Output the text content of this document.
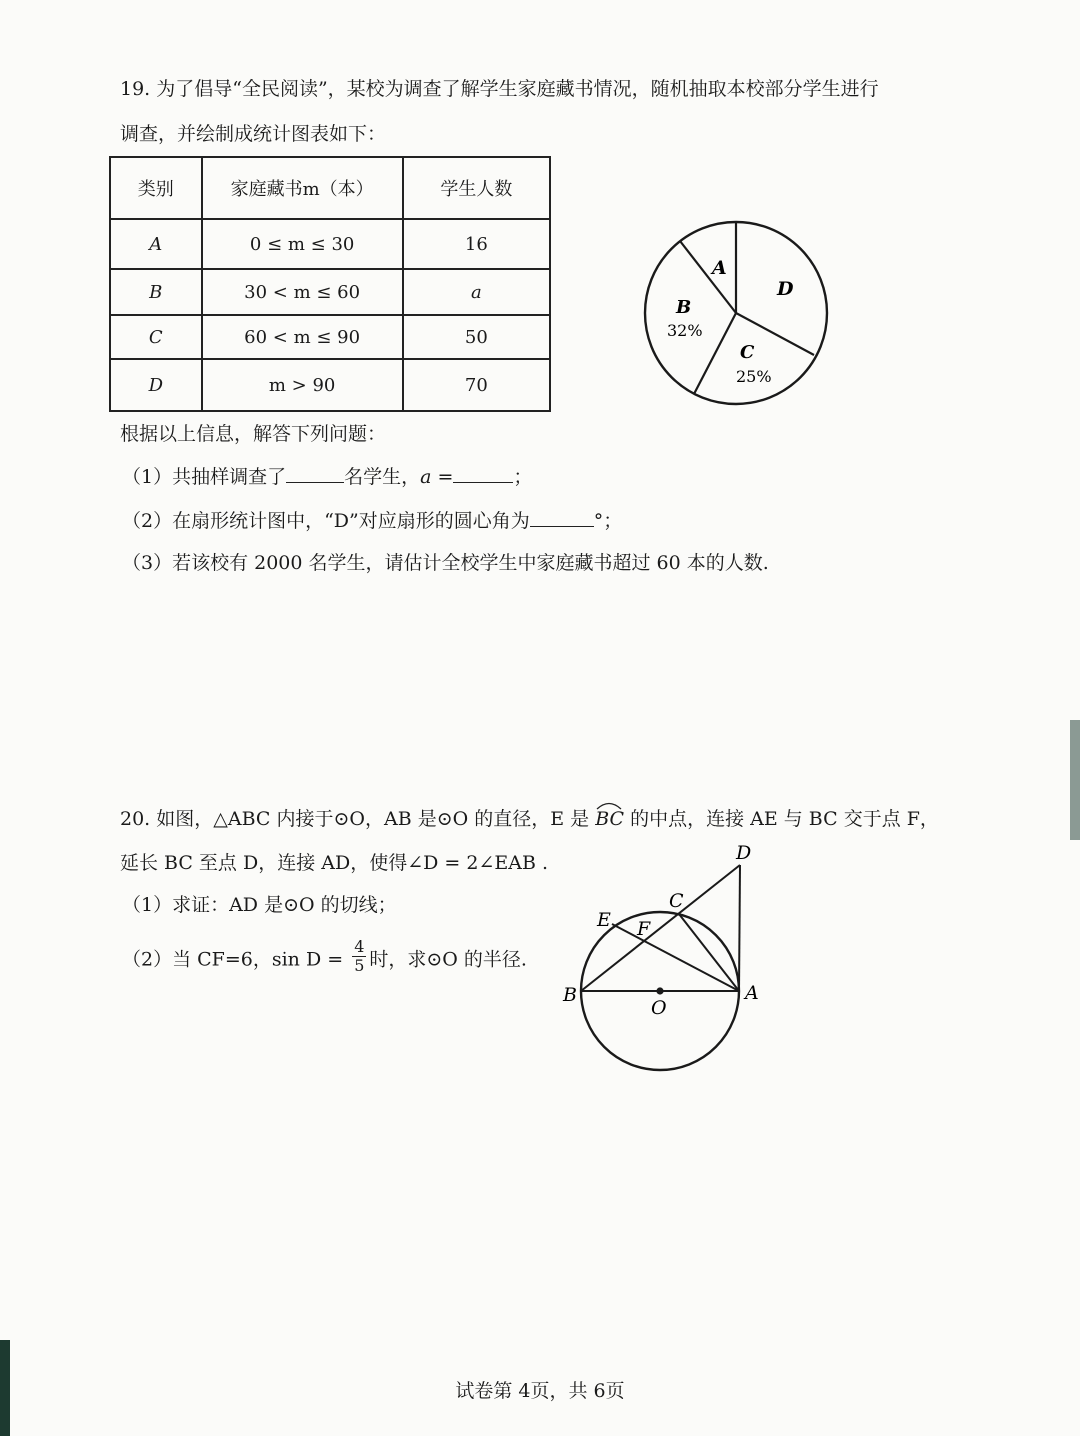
19. 为了倡导“全民阅读”，某校为调查了解学生家庭藏书情况，随机抽取本校部分学生进行
调查，并绘制成统计图表如下：
类别	家庭藏书m（本）	学生人数
A	0 ≤ m ≤ 30	16
B	30 < m ≤ 60	a
C	60 < m ≤ 90	50
D	m > 90	70
A
D
B
32%
C
25%
根据以上信息，解答下列问题：
（1）共抽样调查了	名学生，a =	；
（2）在扇形统计图中，“D”对应扇形的圆心角为	°；
（3）若该校有 2000 名学生，请估计全校学生中家庭藏书超过 60 本的人数.
20. 如图，△ABC 内接于⊙O，AB 是⊙O 的直径，E 是
BC 的中点，连接 AE 与 BC 交于点 F，
延长 BC 至点 D，连接 AD，使得∠D = 2∠EAB .
（1）求证：AD 是⊙O 的切线；
（2）当 CF=6，$\sin D = \frac{4}{5}$ 时，求⊙O 的半径.
D
C
E F
B	A
O
试卷第 4页，共 6页
